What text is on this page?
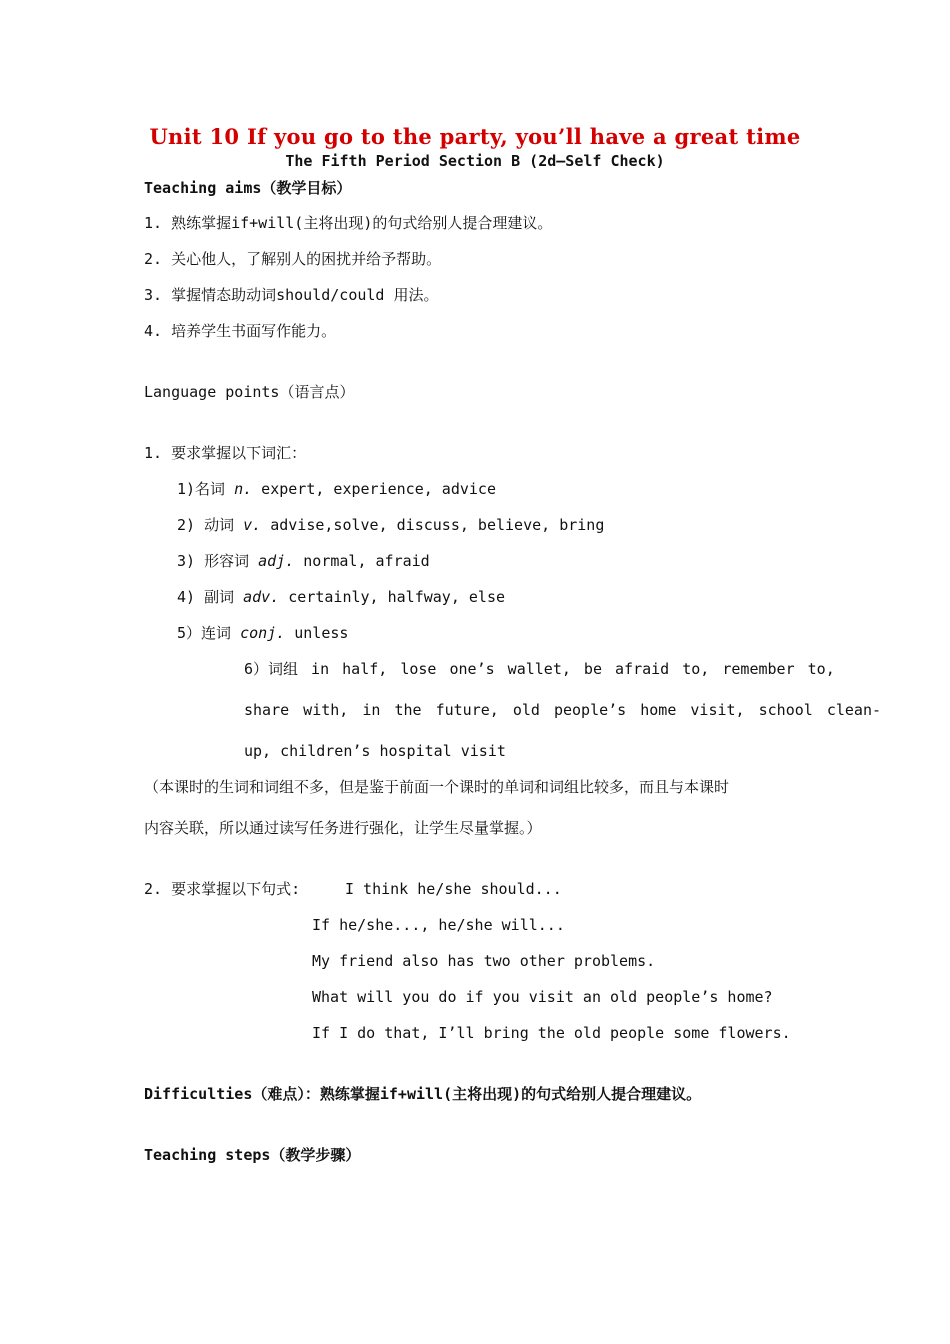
Unit 10 If you go to the party, you’ll have a great time
The Fifth Period Section B (2d–Self Check)
Teaching aims（教学目标）
1. 熟练掌握if+will(主将出现)的句式给别人提合理建议。
2. 关心他人，了解别人的困扰并给予帮助。
3. 掌握情态助动词should/could 用法。
4. 培养学生书面写作能力。
Language points（语言点）
1. 要求掌握以下词汇：
1)名词 n. expert, experience, advice
2) 动词 v. advise,solve, discuss, believe, bring
3) 形容词 adj. normal, afraid
4) 副词 adv. certainly, halfway, else
5）连词 conj. unless
6）词组 in half, lose one’s wallet, be afraid to, remember to,
share with, in the future, old people’s home visit, school clean-
up, children’s hospital visit
（本课时的生词和词组不多，但是鉴于前面一个课时的单词和词组比较多，而且与本课时
内容关联，所以通过读写任务进行强化，让学生尽量掌握。）
2. 要求掌握以下句式:	I think he/she should...
If he/she..., he/she will...
My friend also has two other problems.
What will you do if you visit an old people’s home?
If I do that, I’ll bring the old people some flowers.
Difficulties（难点）：熟练掌握if+will(主将出现)的句式给别人提合理建议。
Teaching steps（教学步骤）
